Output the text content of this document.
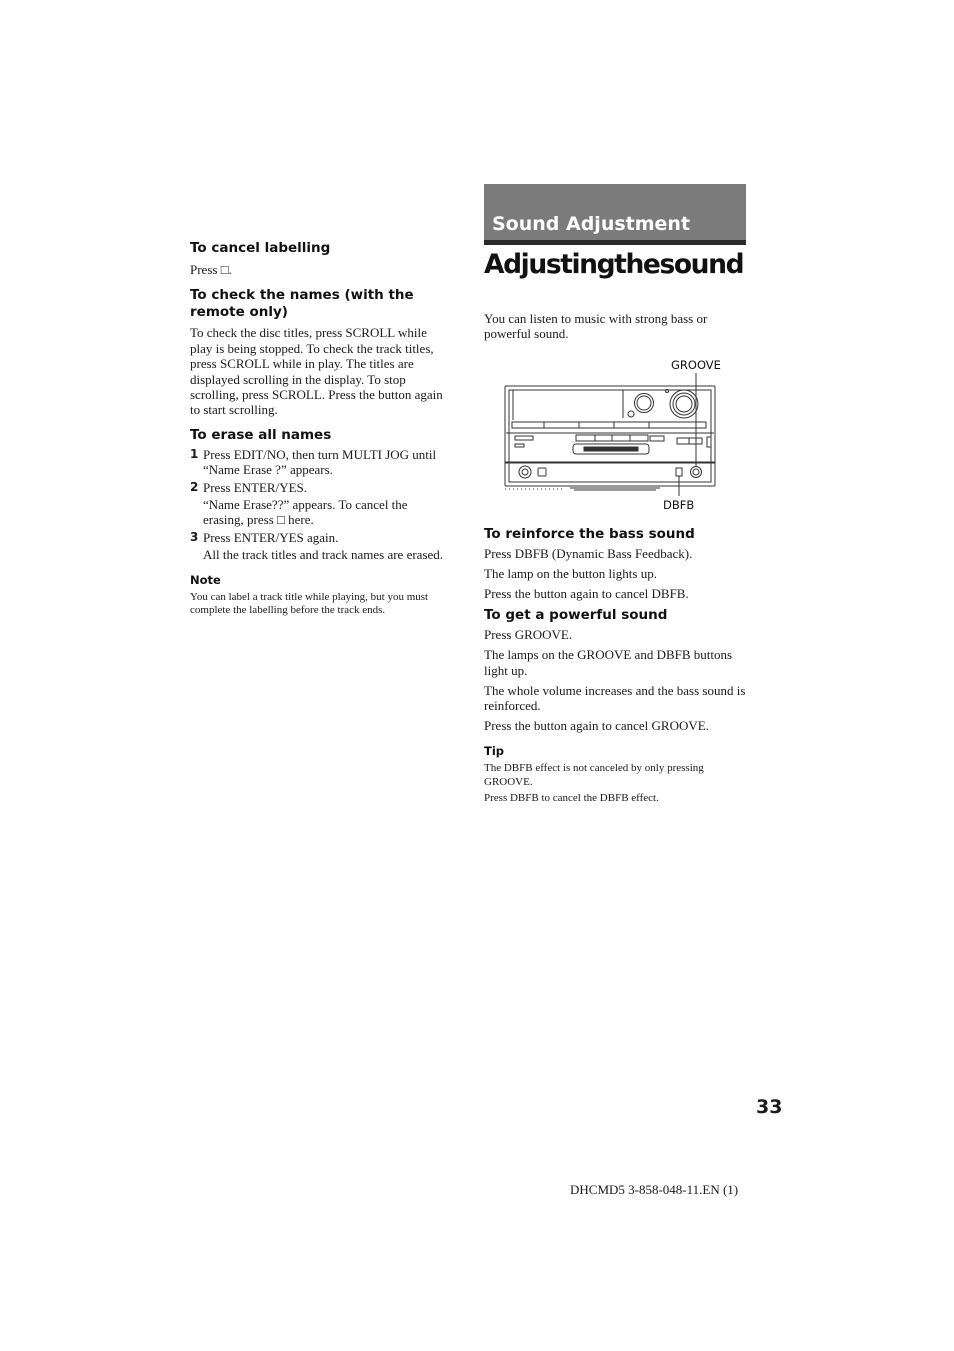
To cancel labelling

Press □.

To check the names (with the remote only)

To check the disc titles, press SCROLL while play is being stopped. To check the track titles, press SCROLL while in play. The titles are displayed scrolling in the display. To stop scrolling, press SCROLL. Press the button again to start scrolling.

To erase all names
1 Press EDIT/NO, then turn MULTI JOG until “Name Erase ?” appears.
2 Press ENTER/YES.
“Name Erase??” appears. To cancel the erasing, press □ here.
3 Press ENTER/YES again.
All the track titles and track names are erased.
Note

You can label a track title while playing, but you must complete the labelling before the track ends.

Sound Adjustment
Adjustingthesound

You can listen to music with strong bass or powerful sound.

GROOVE
DBFB
To reinforce the bass sound

Press DBFB (Dynamic Bass Feedback).

The lamp on the button lights up.

Press the button again to cancel DBFB.

To get a powerful sound

Press GROOVE.

The lamps on the GROOVE and DBFB buttons light up.

The whole volume increases and the bass sound is reinforced.

Press the button again to cancel GROOVE.

Tip

The DBFB effect is not canceled by only pressing GROOVE.

Press DBFB to cancel the DBFB effect.

33
DHCMD5 3-858-048-11.EN (1)
